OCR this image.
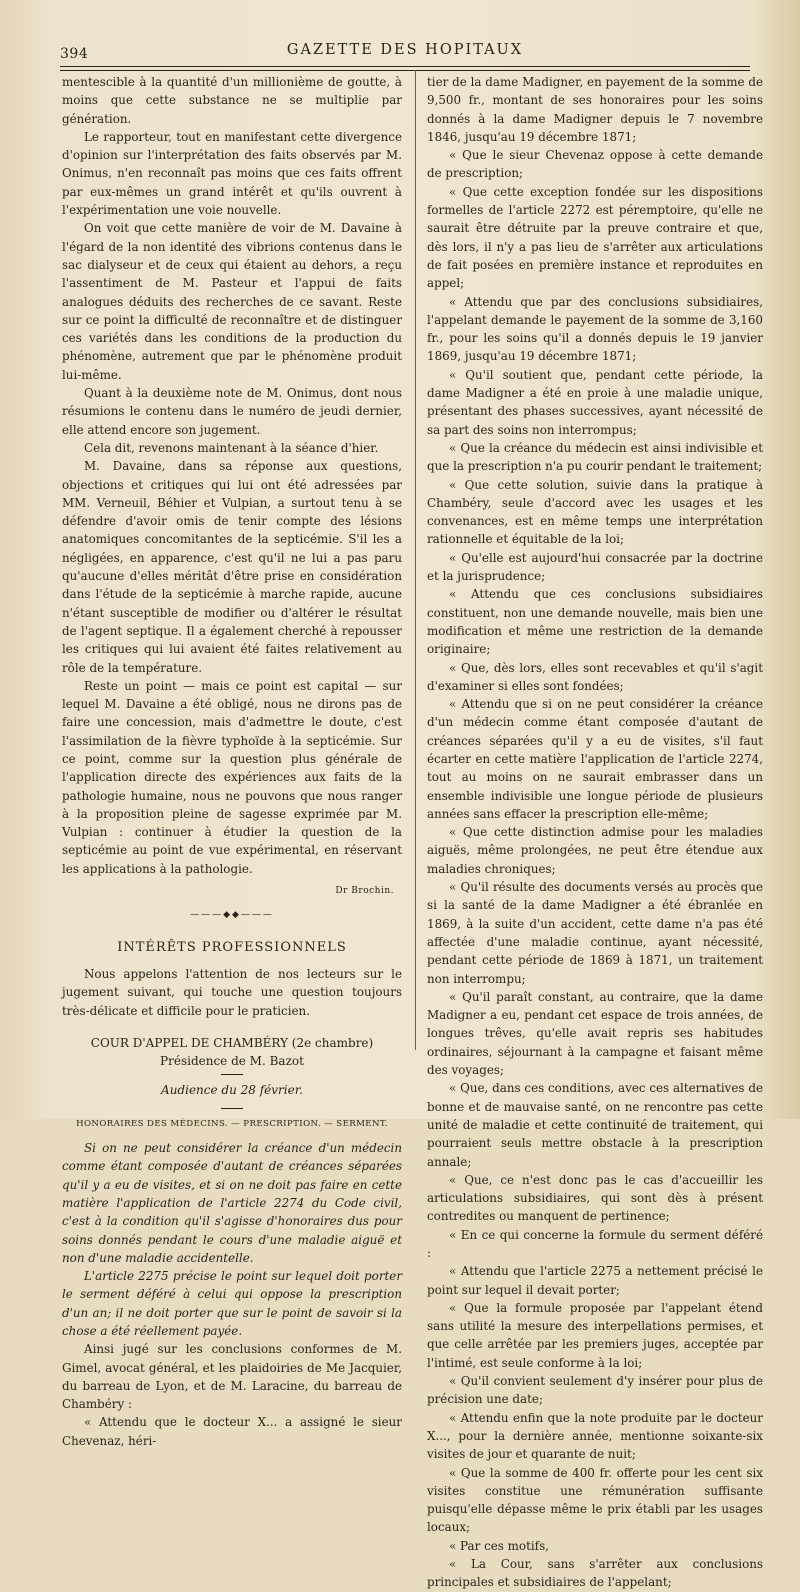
394	GAZETTE DES HOPITAUX

mentescible à la quantité d'un millionième de goutte, à moins que cette substance ne se multiplie par génération.

Le rapporteur, tout en manifestant cette divergence d'opinion sur l'interprétation des faits observés par M. Onimus, n'en reconnaît pas moins que ces faits offrent par eux-mêmes un grand intérêt et qu'ils ouvrent à l'expérimentation une voie nouvelle.

On voit que cette manière de voir de M. Davaine à l'égard de la non identité des vibrions contenus dans le sac dialyseur et de ceux qui étaient au dehors, a reçu l'assentiment de M. Pasteur et l'appui de faits analogues déduits des recherches de ce savant. Reste sur ce point la difficulté de reconnaître et de distinguer ces variétés dans les conditions de la production du phénomène, autrement que par le phénomène produit lui-même.

Quant à la deuxième note de M. Onimus, dont nous résumions le contenu dans le numéro de jeudi dernier, elle attend encore son jugement.

Cela dit, revenons maintenant à la séance d'hier.

M. Davaine, dans sa réponse aux questions, objections et critiques qui lui ont été adressées par MM. Verneuil, Béhier et Vulpian, a surtout tenu à se défendre d'avoir omis de tenir compte des lésions anatomiques concomitantes de la septicémie. S'il les a négligées, en apparence, c'est qu'il ne lui a pas paru qu'aucune d'elles méritât d'être prise en considération dans l'étude de la septicémie à marche rapide, aucune n'étant susceptible de modifier ou d'altérer le résultat de l'agent septique. Il a également cherché à repousser les critiques qui lui avaient été faites relativement au rôle de la température.

Reste un point — mais ce point est capital — sur lequel M. Davaine a été obligé, nous ne dirons pas de faire une concession, mais d'admettre le doute, c'est l'assimilation de la fièvre typhoïde à la septicémie. Sur ce point, comme sur la question plus générale de l'application directe des expériences aux faits de la pathologie humaine, nous ne pouvons que nous ranger à la proposition pleine de sagesse exprimée par M. Vulpian : continuer à étudier la question de la septicémie au point de vue expérimental, en réservant les applications à la pathologie.

Dr Brochin.

———◆◆———

INTÉRÊTS PROFESSIONNELS

Nous appelons l'attention de nos lecteurs sur le jugement suivant, qui touche une question toujours très-délicate et difficile pour le praticien.

COUR D'APPEL DE CHAMBÉRY (2e chambre)

Présidence de M. Bazot

Audience du 28 février.

HONORAIRES DES MÉDECINS. — PRESCRIPTION. — SERMENT.

Si on ne peut considérer la créance d'un médecin comme étant composée d'autant de créances séparées qu'il y a eu de visites, et si on ne doit pas faire en cette matière l'application de l'article 2274 du Code civil, c'est à la condition qu'il s'agisse d'honoraires dus pour soins donnés pendant le cours d'une maladie aiguë et non d'une maladie accidentelle.

L'article 2275 précise le point sur lequel doit porter le serment déféré à celui qui oppose la prescription d'un an; il ne doit porter que sur le point de savoir si la chose a été réellement payée.

Ainsi jugé sur les conclusions conformes de M. Gimel, avocat général, et les plaidoiries de Me Jacquier, du barreau de Lyon, et de M. Laracine, du barreau de Chambéry :

« Attendu que le docteur X... a assigné le sieur Chevenaz, héri-

tier de la dame Madigner, en payement de la somme de 9,500 fr., montant de ses honoraires pour les soins donnés à la dame Madigner depuis le 7 novembre 1846, jusqu'au 19 décembre 1871;

« Que le sieur Chevenaz oppose à cette demande de prescription;

« Que cette exception fondée sur les dispositions formelles de l'article 2272 est péremptoire, qu'elle ne saurait être détruite par la preuve contraire et que, dès lors, il n'y a pas lieu de s'arrêter aux articulations de fait posées en première instance et reproduites en appel;

« Attendu que par des conclusions subsidiaires, l'appelant demande le payement de la somme de 3,160 fr., pour les soins qu'il a donnés depuis le 19 janvier 1869, jusqu'au 19 décembre 1871;

« Qu'il soutient que, pendant cette période, la dame Madigner a été en proie à une maladie unique, présentant des phases successives, ayant nécessité de sa part des soins non interrompus;

« Que la créance du médecin est ainsi indivisible et que la prescription n'a pu courir pendant le traitement;

« Que cette solution, suivie dans la pratique à Chambéry, seule d'accord avec les usages et les convenances, est en même temps une interprétation rationnelle et équitable de la loi;

« Qu'elle est aujourd'hui consacrée par la doctrine et la jurisprudence;

« Attendu que ces conclusions subsidiaires constituent, non une demande nouvelle, mais bien une modification et même une restriction de la demande originaire;

« Que, dès lors, elles sont recevables et qu'il s'agit d'examiner si elles sont fondées;

« Attendu que si on ne peut considérer la créance d'un médecin comme étant composée d'autant de créances séparées qu'il y a eu de visites, s'il faut écarter en cette matière l'application de l'article 2274, tout au moins on ne saurait embrasser dans un ensemble indivisible une longue période de plusieurs années sans effacer la prescription elle-même;

« Que cette distinction admise pour les maladies aiguës, même prolongées, ne peut être étendue aux maladies chroniques;

« Qu'il résulte des documents versés au procès que si la santé de la dame Madigner a été ébranlée en 1869, à la suite d'un accident, cette dame n'a pas été affectée d'une maladie continue, ayant nécessité, pendant cette période de 1869 à 1871, un traitement non interrompu;

« Qu'il paraît constant, au contraire, que la dame Madigner a eu, pendant cet espace de trois années, de longues trêves, qu'elle avait repris ses habitudes ordinaires, séjournant à la campagne et faisant même des voyages;

« Que, dans ces conditions, avec ces alternatives de bonne et de mauvaise santé, on ne rencontre pas cette unité de maladie et cette continuité de traitement, qui pourraient seuls mettre obstacle à la prescription annale;

« Que, ce n'est donc pas le cas d'accueillir les articulations subsidiaires, qui sont dès à présent contredites ou manquent de pertinence;

« En ce qui concerne la formule du serment déféré :

« Attendu que l'article 2275 a nettement précisé le point sur lequel il devait porter;

« Que la formule proposée par l'appelant étend sans utilité la mesure des interpellations permises, et que celle arrêtée par les premiers juges, acceptée par l'intimé, est seule conforme à la loi;

« Qu'il convient seulement d'y insérer pour plus de précision une date;

« Attendu enfin que la note produite par le docteur X..., pour la dernière année, mentionne soixante-six visites de jour et quarante de nuit;

« Que la somme de 400 fr. offerte pour les cent six visites constitue une rémunération suffisante puisqu'elle dépasse même le prix établi par les usages locaux;

« Par ces motifs,

« La Cour, sans s'arrêter aux conclusions principales et subsidiaires de l'appelant;
